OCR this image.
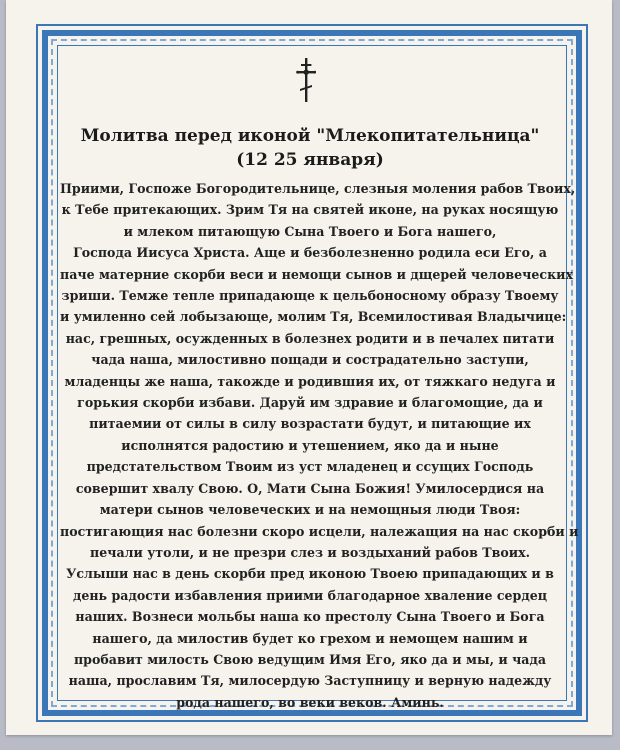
Молитва перед иконой "Млекопитательница"
(12 25 января)
Приими, Госпоже Богородительнице, слезныя моления рабов Твоих,
к Тебе притекающих. Зрим Тя на святей иконе, на руках носящую
и млеком питающую Сына Твоего и Бога нашего,
Господа Иисуса Христа. Аще и безболезненно родила еси Его, а
паче матерние скорби веси и немощи сынов и дщерей человеческих
зриши. Темже тепле припадающе к цельбоносному образу Твоему
и умиленно сей лобызающе, молим Тя, Всемилостивая Владычице:
нас, грешных, осужденных в болезнех родити и в печалех питати
чада наша, милостивно пощади и сострадательно заступи,
младенцы же наша, такожде и родившия их, от тяжкаго недуга и
горькия скорби избави. Даруй им здравие и благомощие, да и
питаемии от силы в силу возрастати будут, и питающие их
исполнятся радостию и утешением, яко да и ныне
предстательством Твоим из уст младенец и ссущих Господь
совершит хвалу Свою. О, Мати Сына Божия! Умилосердися на
матери сынов человеческих и на немощныя люди Твоя:
постигающия нас болезни скоро исцели, належащия на нас скорби и
печали утоли, и не презри слез и воздыханий рабов Твоих.
Услыши нас в день скорби пред иконою Твоею припадающих и в
день радости избавления приими благодарное хваление сердец
наших. Вознеси мольбы наша ко престолу Сына Твоего и Бога
нашего, да милостив будет ко грехом и немощем нашим и
пробавит милость Свою ведущим Имя Его, яко да и мы, и чада
наша, прославим Тя, милосердую Заступницу и верную надежду
рода нашего, во веки веков. Аминь.
